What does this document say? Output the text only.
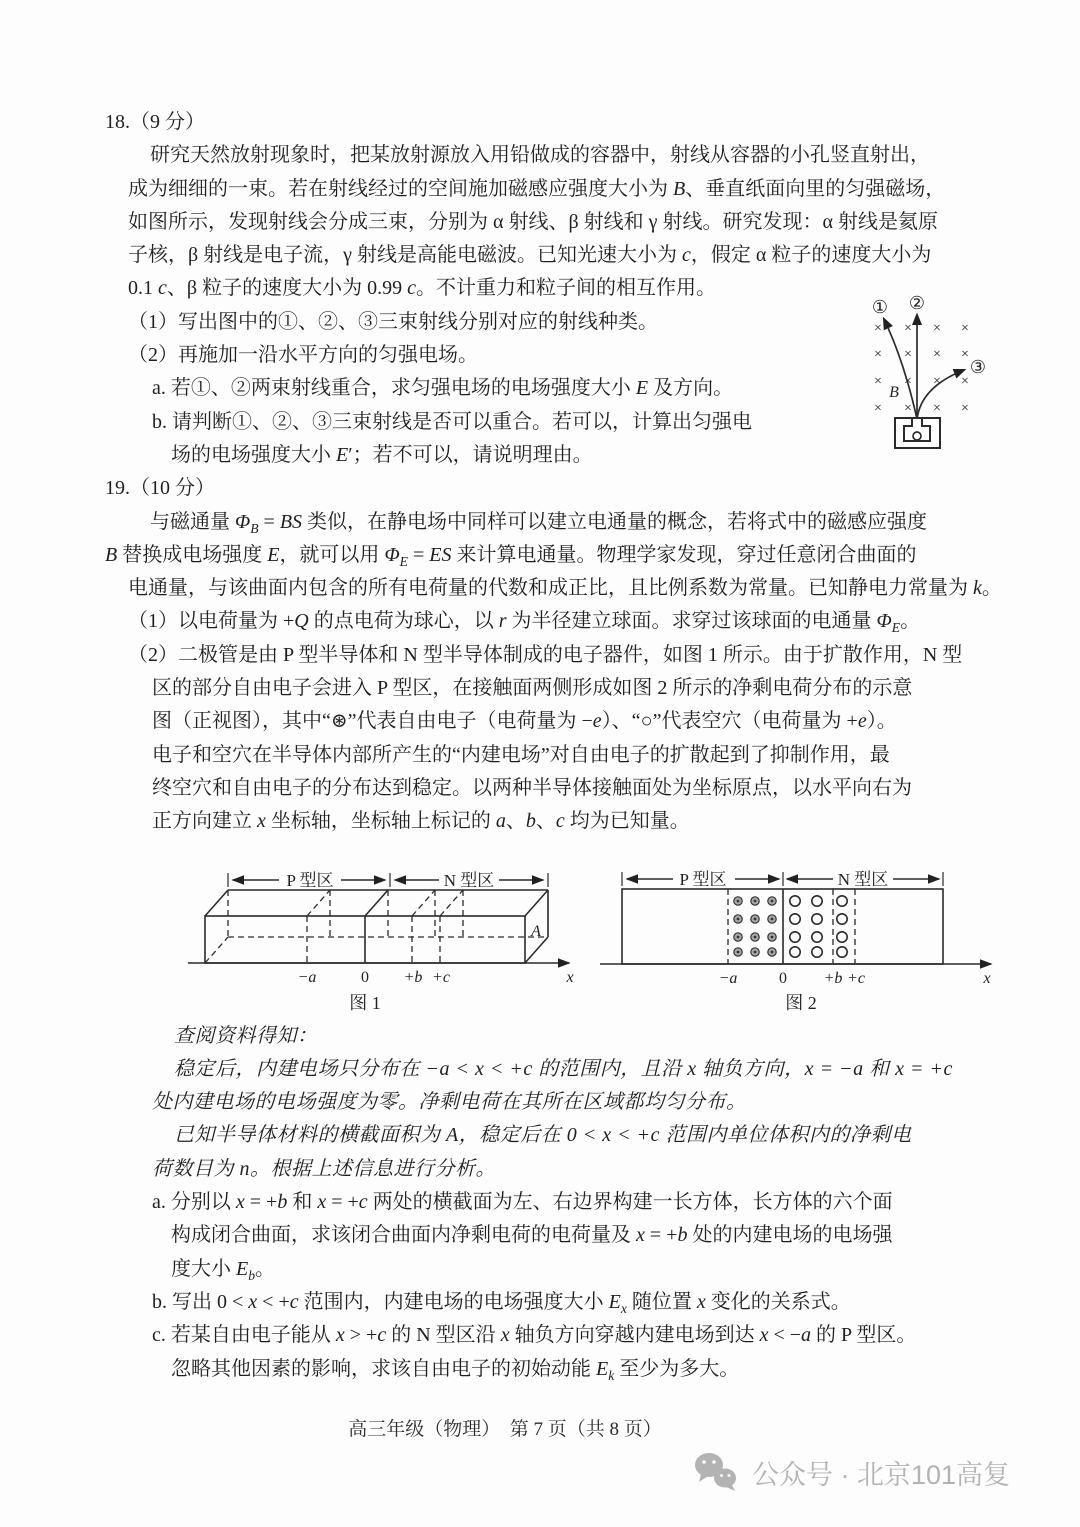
18.（9 分）
研究天然放射现象时，把某放射源放入用铅做成的容器中，射线从容器的小孔竖直射出，
成为细细的一束。若在射线经过的空间施加磁感应强度大小为 B、垂直纸面向里的匀强磁场，
如图所示，发现射线会分成三束，分别为 α 射线、β 射线和 γ 射线。研究发现：α 射线是氦原
子核，β 射线是电子流，γ 射线是高能电磁波。已知光速大小为 c，假定 α 粒子的速度大小为
0.1 c、β 粒子的速度大小为 0.99 c。不计重力和粒子间的相互作用。
（1）写出图中的①、②、③三束射线分别对应的射线种类。
（2）再施加一沿水平方向的匀强电场。
a. 若①、②两束射线重合，求匀强电场的电场强度大小 E 及方向。
b. 请判断①、②、③三束射线是否可以重合。若可以，计算出匀强电
场的电场强度大小 E′；若不可以，请说明理由。
19.（10 分）
与磁通量 $\Phi_B$ = BS 类似，在静电场中同样可以建立电通量的概念，若将式中的磁感应强度
B 替换成电场强度 E，就可以用 $\Phi_E$ = ES 来计算电通量。物理学家发现，穿过任意闭合曲面的
电通量，与该曲面内包含的所有电荷量的代数和成正比，且比例系数为常量。已知静电力常量为 k。
（1）以电荷量为 +Q 的点电荷为球心，以 r 为半径建立球面。求穿过该球面的电通量 $\Phi_E$。
（2）二极管是由 P 型半导体和 N 型半导体制成的电子器件，如图 1 所示。由于扩散作用，N 型
区的部分自由电子会进入 P 型区，在接触面两侧形成如图 2 所示的净剩电荷分布的示意
图（正视图），其中“⊛”代表自由电子（电荷量为 −e）、“○”代表空穴（电荷量为 +e）。
电子和空穴在半导体内部所产生的“内建电场”对自由电子的扩散起到了抑制作用，最
终空穴和自由电子的分布达到稳定。以两种半导体接触面处为坐标原点，以水平向右为
正方向建立 x 坐标轴，坐标轴上标记的 a、b、c 均为已知量。
P 型区	N 型区
−a	0 +b +c	x
A
图 1
P 型区	N 型区
−a	0 +b +c	x
图 2
查阅资料得知：
稳定后，内建电场只分布在 −a < x < +c 的范围内，且沿 x 轴负方向，x = −a 和 x = +c
处内建电场的电场强度为零。净剩电荷在其所在区域都均匀分布。
已知半导体材料的横截面积为 A，稳定后在 0 < x < +c 范围内单位体积内的净剩电
荷数目为 n。根据上述信息进行分析。
a. 分别以 x = +b 和 x = +c 两处的横截面为左、右边界构建一长方体，长方体的六个面
构成闭合曲面，求该闭合曲面内净剩电荷的电荷量及 x = +b 处的内建电场的电场强
度大小 $E_b$。
b. 写出 0 < x < +c 范围内，内建电场的电场强度大小 $E_x$ 随位置 x 变化的关系式。
c. 若某自由电子能从 x > +c 的 N 型区沿 x 轴负方向穿越内建电场到达 x < −a 的 P 型区。
忽略其他因素的影响，求该自由电子的初始动能 $E_k$ 至少为多大。
× × × ×
× × × ×
× × × ×
× × × ×
① ②
③
B
高三年级（物理）　第 7 页（共 8 页）
公众号 · 北京101高复
